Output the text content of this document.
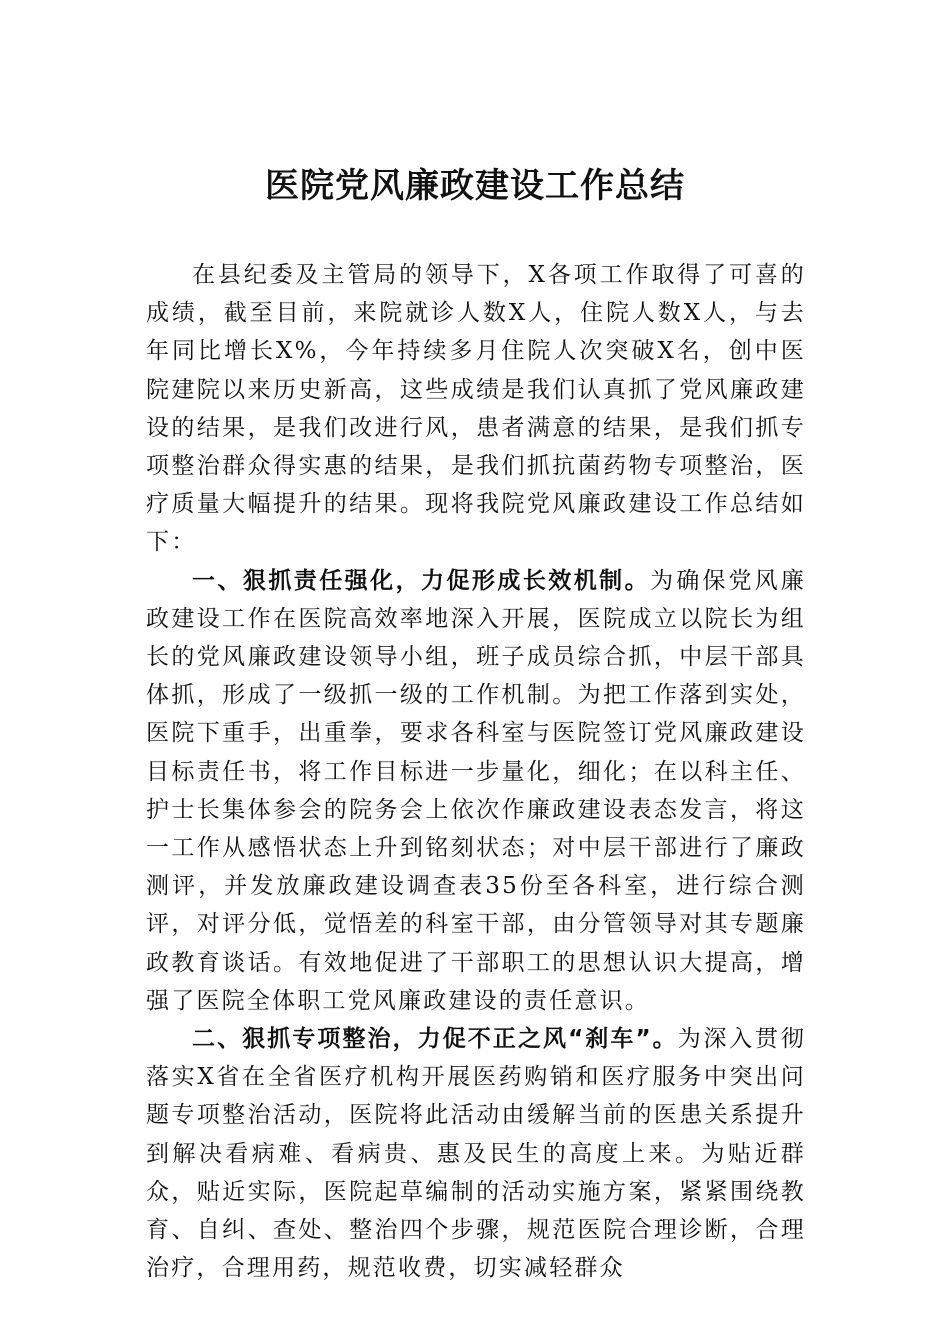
医院党风廉政建设工作总结

在县纪委及主管局的领导下，X各项工作取得了可喜的成绩，截至目前，来院就诊人数X人，住院人数X人，与去年同比增长X%，今年持续多月住院人次突破X名，创中医院建院以来历史新高，这些成绩是我们认真抓了党风廉政建设的结果，是我们改进行风，患者满意的结果，是我们抓专项整治群众得实惠的结果，是我们抓抗菌药物专项整治，医疗质量大幅提升的结果。现将我院党风廉政建设工作总结如下：

一、狠抓责任强化，力促形成长效机制。为确保党风廉政建设工作在医院高效率地深入开展，医院成立以院长为组长的党风廉政建设领导小组，班子成员综合抓，中层干部具体抓，形成了一级抓一级的工作机制。为把工作落到实处，医院下重手，出重拳，要求各科室与医院签订党风廉政建设目标责任书，将工作目标进一步量化，细化；在以科主任、护士长集体参会的院务会上依次作廉政建设表态发言，将这一工作从感悟状态上升到铭刻状态；对中层干部进行了廉政测评，并发放廉政建设调查表35份至各科室，进行综合测评，对评分低，觉悟差的科室干部，由分管领导对其专题廉政教育谈话。有效地促进了干部职工的思想认识大提高，增强了医院全体职工党风廉政建设的责任意识。

二、狠抓专项整治，力促不正之风“刹车”。为深入贯彻落实X省在全省医疗机构开展医药购销和医疗服务中突出问题专项整治活动，医院将此活动由缓解当前的医患关系提升到解决看病难、看病贵、惠及民生的高度上来。为贴近群众，贴近实际，医院起草编制的活动实施方案，紧紧围绕教育、自纠、查处、整治四个步骤，规范医院合理诊断，合理治疗，合理用药，规范收费，切实减轻群众
